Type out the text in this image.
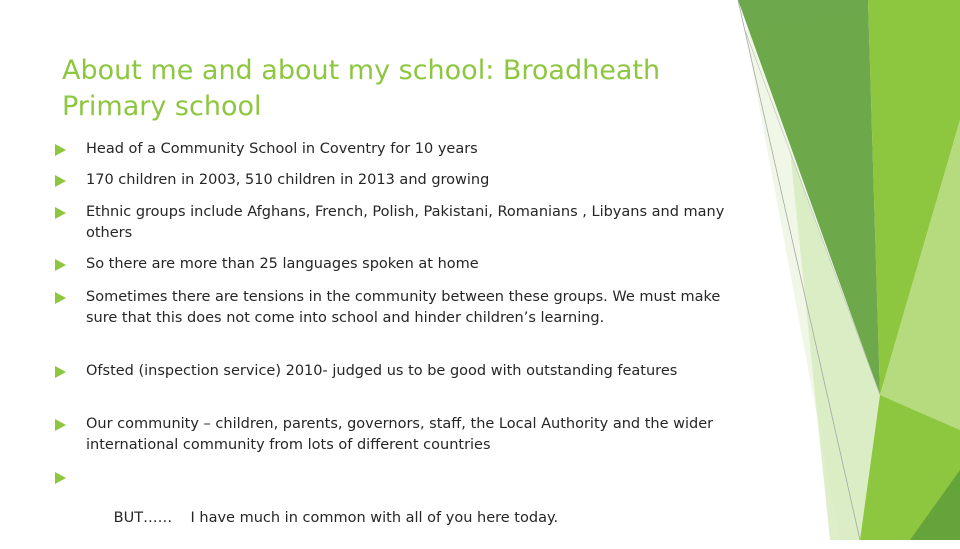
About me and about my school: Broadheath
Primary school
Head of a Community School in Coventry for 10 years
170 children in 2003, 510 children in 2013 and growing
Ethnic groups include Afghans, French, Polish, Pakistani, Romanians , Libyans and many others
So there are more than 25 languages spoken at home
Sometimes there are tensions in the community between these groups. We must make sure that this does not come into school and hinder children’s learning.
Ofsted (inspection service) 2010- judged us to be good with outstanding features
Our community – children, parents, governors, staff, the Local Authority and the wider international community from lots of different countries

BUT……    I have much in common with all of you here today.
